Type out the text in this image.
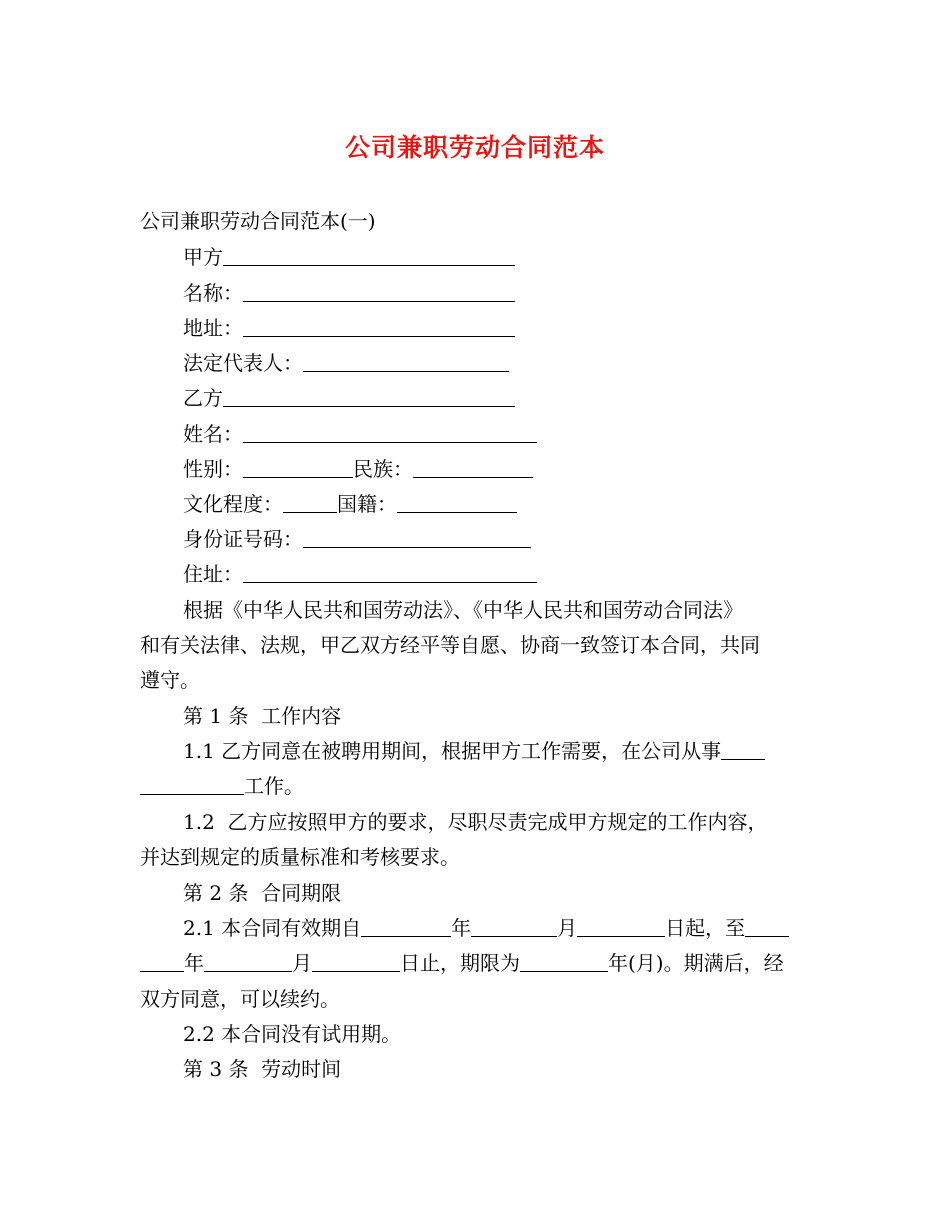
公司兼职劳动合同范本
公司兼职劳动合同范本(一)
甲方
名称：
地址：
法定代表人：
乙方
姓名：
性别：	民族：
文化程度：	国籍：
身份证号码：
住址：
根据《中华人民共和国劳动法》、《中华人民共和国劳动合同法》
和有关法律、法规，甲乙双方经平等自愿、协商一致签订本合同，共同
遵守。
第 1 条  工作内容
1.1 乙方同意在被聘用期间，根据甲方工作需要，在公司从事
工作。
1.2  乙方应按照甲方的要求，尽职尽责完成甲方规定的工作内容，
并达到规定的质量标准和考核要求。
第 2 条  合同期限
2.1 本合同有效期自	年	月	日起，至
年	月	日止，期限为	年(月)。期满后，经
双方同意，可以续约。
2.2 本合同没有试用期。
第 3 条  劳动时间
